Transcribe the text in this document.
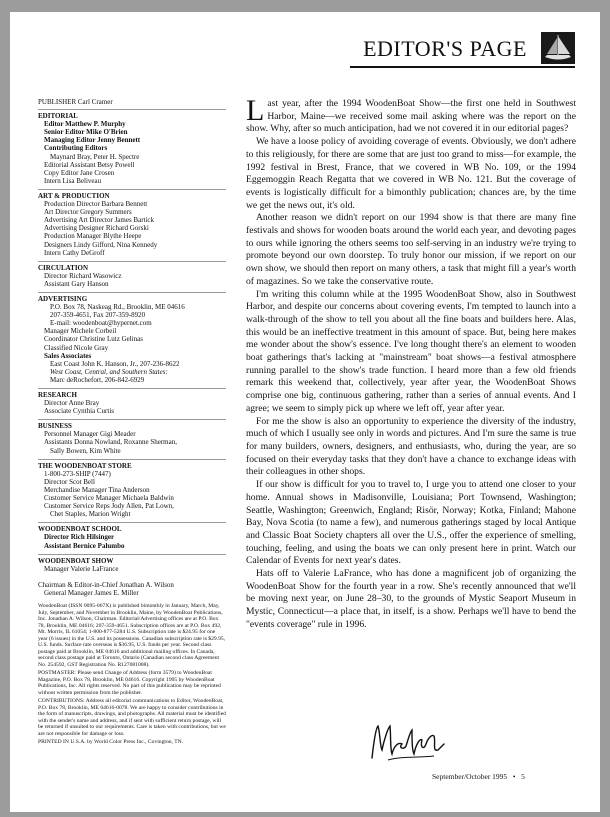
EDITOR'S PAGE
PUBLISHER Carl Cramer
EDITORIAL
Editor Matthew P. Murphy
Senior Editor Mike O'Brien
Managing Editor Jenny Bennett
Contributing Editors
Maynard Bray, Peter H. Spectre
Editorial Assistant Betsy Powell
Copy Editor Jane Crosen
Intern Lisa Beliveau
ART & PRODUCTION
Production Director Barbara Bennett
Art Director Gregory Summers
Advertising Art Director James Bartick
Advertising Designer Richard Gorski
Production Manager Blythe Heepe
Designers Lindy Gifford, Nina Kennedy
Intern Cathy DeGroff
CIRCULATION
Director Richard Wasowicz
Assistant Gary Hanson
ADVERTISING
P.O. Box 78, Naskeag Rd., Brooklin, ME 04616
207-359-4651, Fax 207-359-8920
E-mail: woodenboat@hypernet.com
Manager Michele Corbeil
Coordinator Christine Lutz Gelinas
Classified Nicole Gray
Sales Associates
East Coast John K. Hanson, Jr., 207-236-8622
West Coast, Central, and Southern States:
Marc deRochefort, 206-842-6929
RESEARCH
Director Anne Bray
Associate Cynthia Curtis
BUSINESS
Personnel Manager Gigi Meader
Assistants Donna Nowland, Roxanne Sherman,
Sally Bowen, Kim White
THE WOODENBOAT STORE
1-800-273-SHIP (7447)
Director Scot Bell
Merchandise Manager Tina Anderson
Customer Service Manager Michaela Baldwin
Customer Service Reps Jody Allen, Pat Lown,
Chet Staples, Marion Wright
WOODENBOAT SCHOOL
Director Rich Hilsinger
Assistant Bernice Palumbo
WOODENBOAT SHOW
Manager Valerie LaFrance

Chairman & Editor-in-Chief Jonathan A. Wilson
General Manager James E. Miller

WoodenBoat (ISSN 0095-067X) is published bimonthly in January, March, May, July, September, and November in Brooklin, Maine, by WoodenBoat Publications, Inc. Jonathan A. Wilson, Chairman. Editorial/Advertising offices are at P.O. Box 78, Brooklin, ME 04616; 207-359-4651. Subscription offices are at P.O. Box 492, Mt. Morris, IL 61054; 1-800-877-5284 U.S. Subscription rate is $24.95 for one year (6 issues) in the U.S. and its possessions. Canadian subscription rate is $29.95, U.S. funds. Surface rate overseas is $36.95, U.S. funds per year. Second class postage paid at Brooklin, ME 04616 and additional mailing offices. In Canada, second class postage paid at Toronto, Ontario (Canadian second class Agreement No. 254592, GST Registration No. R127081008).

POSTMASTER: Please send Change of Address (form 3579) to WoodenBoat Magazine, P.O. Box 78, Brooklin, ME 04616. Copyright 1995 by WoodenBoat Publications, Inc. All rights reserved. No part of this publication may be reprinted without written permission from the publisher.

CONTRIBUTIONS: Address all editorial communications to Editor, WoodenBoat, P.O. Box 78, Brooklin, ME 04616-0078. We are happy to consider contributions in the form of manuscripts, drawings, and photographs. All material must be identified with the sender's name and address, and if sent with sufficient return postage, will be returned if unsuited to our requirements. Care is taken with contributions, but we are not responsible for damage or loss.

PRINTED IN U.S.A. by World Color Press Inc., Covington, TN.

Last year, after the 1994 WoodenBoat Show—the first one held in Southwest Harbor, Maine—we received some mail asking where was the report on the show. Why, after so much anticipation, had we not covered it in our editorial pages?

We have a loose policy of avoiding coverage of events. Obviously, we don't adhere to this religiously, for there are some that are just too grand to miss—for example, the 1992 festival in Brest, France, that we covered in WB No. 109, or the 1994 Eggemoggin Reach Regatta that we covered in WB No. 121. But the coverage of events is logistically difficult for a bimonthly publication; chances are, by the time we get the news out, it's old.

Another reason we didn't report on our 1994 show is that there are many fine festivals and shows for wooden boats around the world each year, and devoting pages to ours while ignoring the others seems too self-serving in an industry we're trying to promote beyond our own doorstep. To truly honor our mission, if we report on our own show, we should then report on many others, a task that might fill a year's worth of magazines. So we take the conservative route.

I'm writing this column while at the 1995 WoodenBoat Show, also in Southwest Harbor, and despite our concerns about covering events, I'm tempted to launch into a walk-through of the show to tell you about all the fine boats and builders here. Alas, this would be an ineffective treatment in this amount of space. But, being here makes me wonder about the show's essence. I've long thought there's an element to wooden boat gatherings that's lacking at "mainstream" boat shows—a festival atmosphere running parallel to the show's trade function. I heard more than a few old friends remark this weekend that, collectively, year after year, the WoodenBoat Shows comprise one big, continuous gathering, rather than a series of annual events. And I agree; we seem to simply pick up where we left off, year after year.

For me the show is also an opportunity to experience the diversity of the industry, much of which I usually see only in words and pictures. And I'm sure the same is true for many builders, owners, designers, and enthusiasts, who, during the year, are so focused on their everyday tasks that they don't have a chance to exchange ideas with their colleagues in other shops.

If our show is difficult for you to travel to, I urge you to attend one closer to your home. Annual shows in Madisonville, Louisiana; Port Townsend, Washington; Seattle, Washington; Greenwich, England; Risör, Norway; Kotka, Finland; Mahone Bay, Nova Scotia (to name a few), and numerous gatherings staged by local Antique and Classic Boat Society chapters all over the U.S., offer the experience of smelling, touching, feeling, and using the boats we can only present here in print. Watch our Calendar of Events for next year's dates.

Hats off to Valerie LaFrance, who has done a magnificent job of organizing the WoodenBoat Show for the fourth year in a row. She's recently announced that we'll be moving next year, on June 28–30, to the grounds of Mystic Seaport Museum in Mystic, Connecticut—a place that, in itself, is a show. Perhaps we'll have to bend the "events coverage" rule in 1996.

September/October 1995 • 5
